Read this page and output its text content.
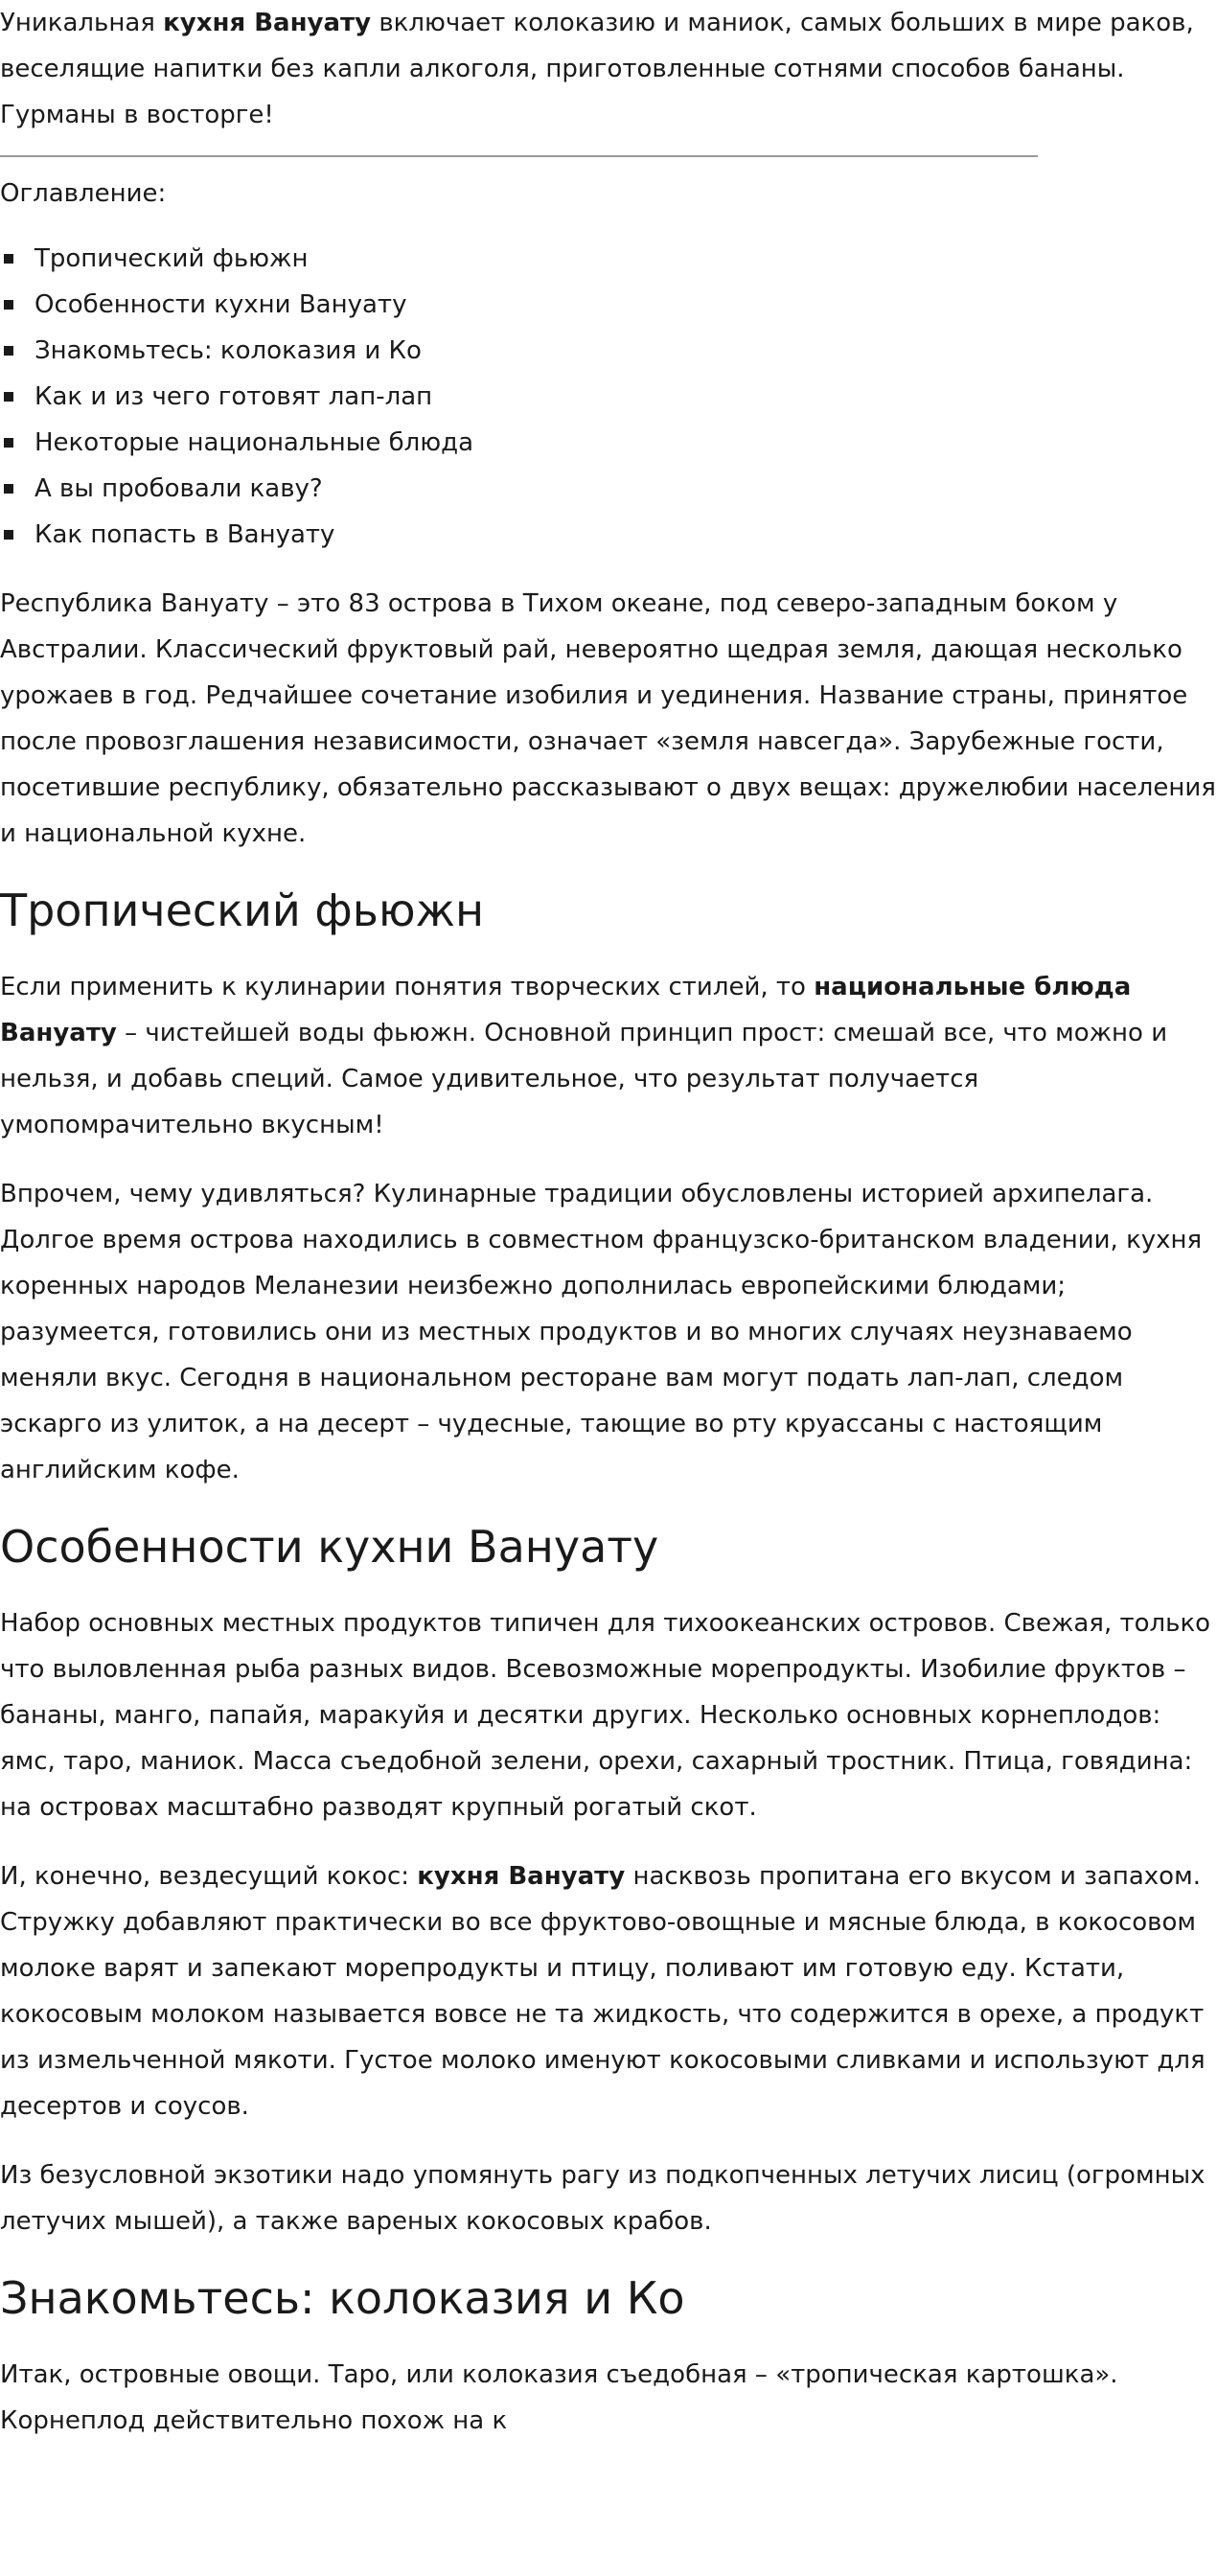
Уникальная кухня Вануату включает колоказию и маниок, самых больших в мире раков, веселящие напитки без капли алкоголя, приготовленные сотнями способов бананы. Гурманы в восторге!

Оглавление:
Тропический фьюжн
Особенности кухни Вануату
Знакомьтесь: колоказия и Ко
Как и из чего готовят лап-лап
Некоторые национальные блюда
А вы пробовали каву?
Как попасть в Вануату

Республика Вануату – это 83 острова в Тихом океане, под северо-западным боком у Австралии. Классический фруктовый рай, невероятно щедрая земля, дающая несколько урожаев в год. Редчайшее сочетание изобилия и уединения. Название страны, принятое после провозглашения независимости, означает «земля навсегда». Зарубежные гости, посетившие республику, обязательно рассказывают о двух вещах: дружелюбии населения и национальной кухне.

Тропический фьюжн

Если применить к кулинарии понятия творческих стилей, то национальные блюда Вануату – чистейшей воды фьюжн. Основной принцип прост: смешай все, что можно и нельзя, и добавь специй. Самое удивительное, что результат получается умопомрачительно вкусным!

Впрочем, чему удивляться? Кулинарные традиции обусловлены историей архипелага. Долгое время острова находились в совместном французско-британском владении, кухня коренных народов Меланезии неизбежно дополнилась европейскими блюдами; разумеется, готовились они из местных продуктов и во многих случаях неузнаваемо меняли вкус. Сегодня в национальном ресторане вам могут подать лап-лап, следом эскарго из улиток, а на десерт – чудесные, тающие во рту круассаны с настоящим английским кофе.

Особенности кухни Вануату

Набор основных местных продуктов типичен для тихоокеанских островов. Свежая, только что выловленная рыба разных видов. Всевозможные морепродукты. Изобилие фруктов – бананы, манго, папайя, маракуйя и десятки других. Несколько основных корнеплодов: ямс, таро, маниок. Масса съедобной зелени, орехи, сахарный тростник. Птица, говядина: на островах масштабно разводят крупный рогатый скот.

И, конечно, вездесущий кокос: кухня Вануату насквозь пропитана его вкусом и запахом. Стружку добавляют практически во все фруктово-овощные и мясные блюда, в кокосовом молоке варят и запекают морепродукты и птицу, поливают им готовую еду. Кстати, кокосовым молоком называется вовсе не та жидкость, что содержится в орехе, а продукт из измельченной мякоти. Густое молоко именуют кокосовыми сливками и используют для десертов и соусов.

Из безусловной экзотики надо упомянуть рагу из подкопченных летучих лисиц (огромных летучих мышей), а также вареных кокосовых крабов.

Знакомьтесь: колоказия и Ко

Итак, островные овощи. Таро, или колоказия съедобная – «тропическая картошка». Корнеплод действительно похож на к
